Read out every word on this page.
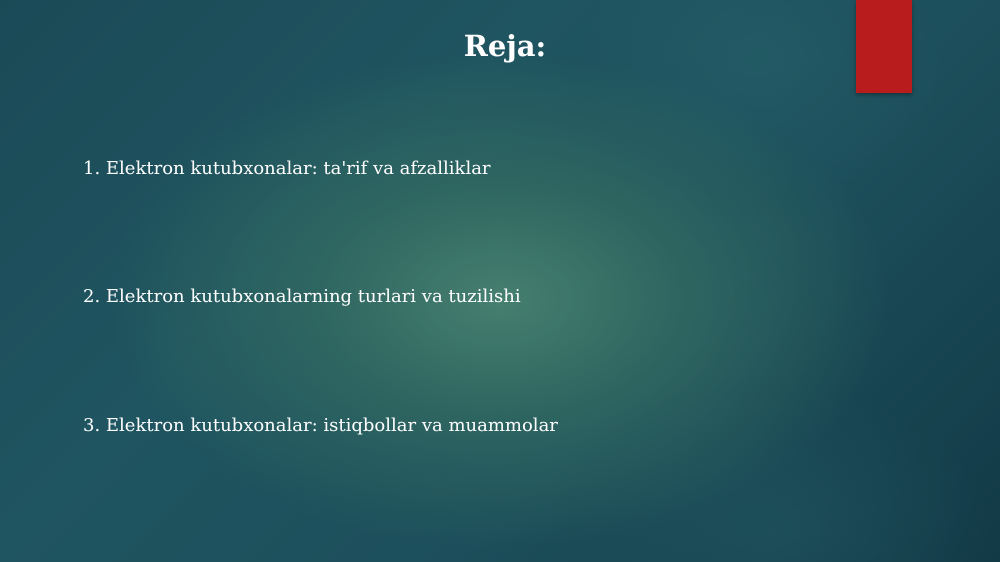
Reja:

1. Elektron kutubxonalar: ta'rif va afzalliklar

2. Elektron kutubxonalarning turlari va tuzilishi

3. Elektron kutubxonalar: istiqbollar va muammolar
